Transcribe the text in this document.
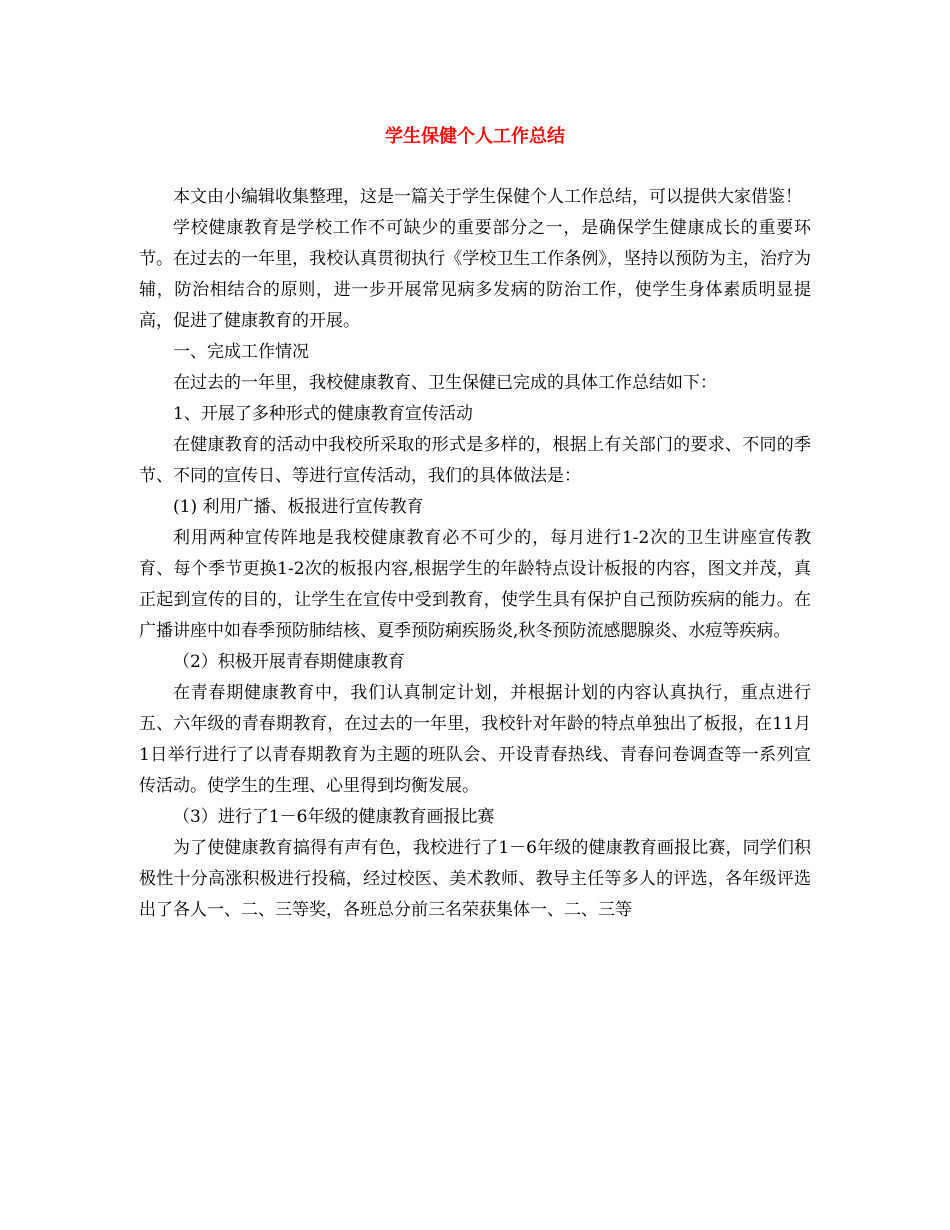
学生保健个人工作总结

本文由小编辑收集整理，这是一篇关于学生保健个人工作总结，可以提供大家借鉴！

学校健康教育是学校工作不可缺少的重要部分之一，是确保学生健康成长的重要环节。在过去的一年里，我校认真贯彻执行《学校卫生工作条例》，坚持以预防为主，治疗为辅，防治相结合的原则，进一步开展常见病多发病的防治工作，使学生身体素质明显提高，促进了健康教育的开展。

一、完成工作情况

在过去的一年里，我校健康教育、卫生保健已完成的具体工作总结如下：

1、开展了多种形式的健康教育宣传活动

在健康教育的活动中我校所采取的形式是多样的，根据上有关部门的要求、不同的季节、不同的宣传日、等进行宣传活动，我们的具体做法是：

(1) 利用广播、板报进行宣传教育

利用两种宣传阵地是我校健康教育必不可少的，每月进行1-2次的卫生讲座宣传教育、每个季节更换1-2次的板报内容,根据学生的年龄特点设计板报的内容，图文并茂，真正起到宣传的目的，让学生在宣传中受到教育，使学生具有保护自己预防疾病的能力。在广播讲座中如春季预防肺结核、夏季预防痢疾肠炎,秋冬预防流感腮腺炎、水痘等疾病。

（2）积极开展青春期健康教育

在青春期健康教育中，我们认真制定计划，并根据计划的内容认真执行，重点进行五、六年级的青春期教育，在过去的一年里，我校针对年龄的特点单独出了板报，在11月1日举行进行了以青春期教育为主题的班队会、开设青春热线、青春问卷调查等一系列宣传活动。使学生的生理、心里得到均衡发展。

（3）进行了1－6年级的健康教育画报比赛

为了使健康教育搞得有声有色，我校进行了1－6年级的健康教育画报比赛，同学们积极性十分高涨积极进行投稿，经过校医、美术教师、教导主任等多人的评选，各年级评选出了各人一、二、三等奖，各班总分前三名荣获集体一、二、三等
